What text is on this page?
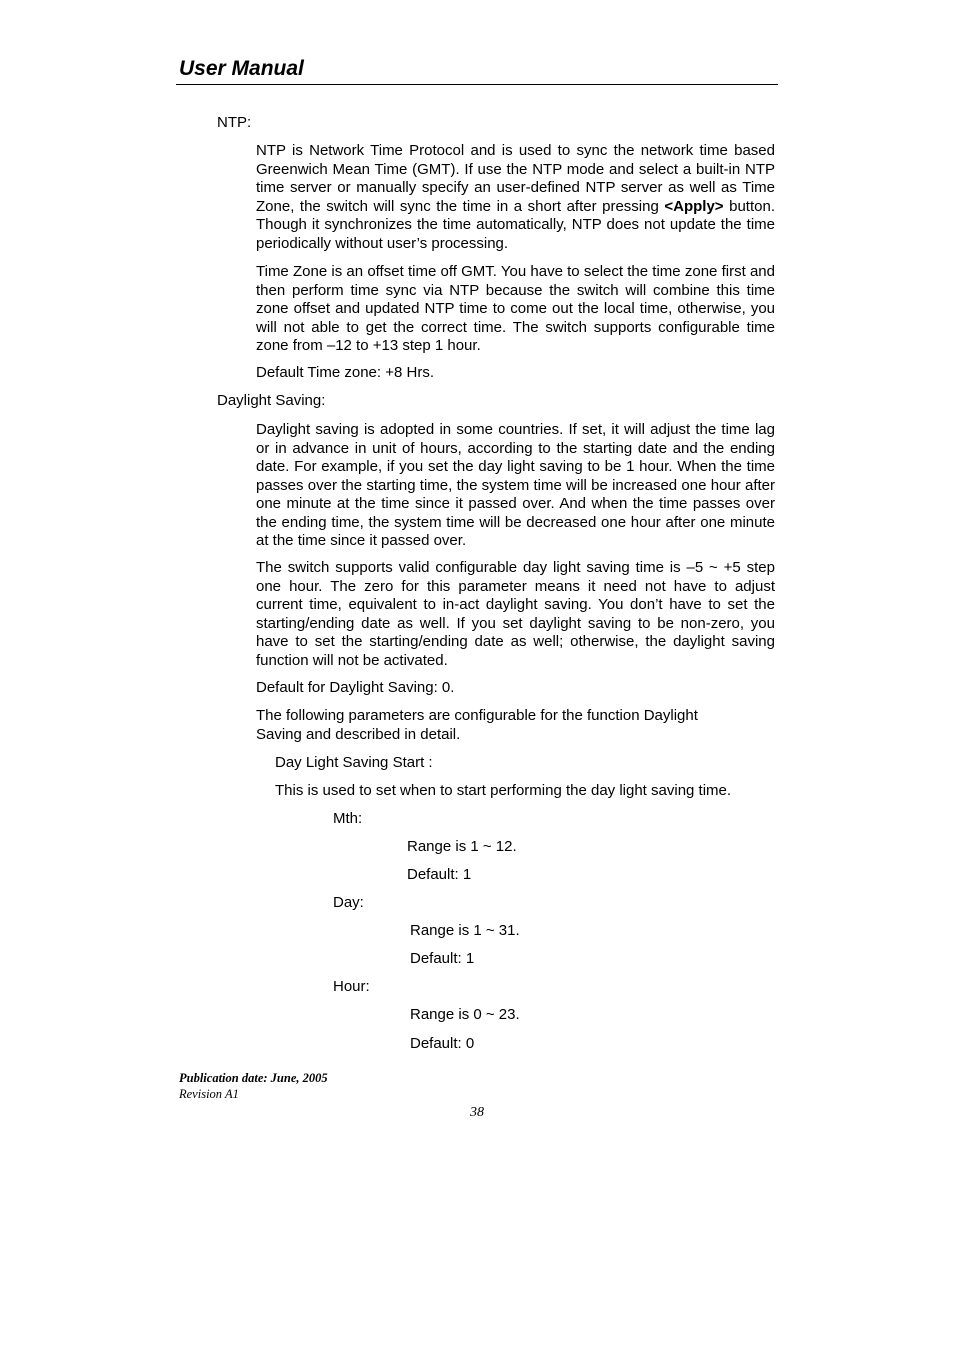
User Manual
NTP:
NTP is Network Time Protocol and is used to sync the network time based Greenwich Mean Time (GMT). If use the NTP mode and select a built-in NTP time server or manually specify an user-defined NTP server as well as Time Zone, the switch will sync the time in a short after pressing <Apply> button. Though it synchronizes the time automatically, NTP does not update the time periodically without user’s processing.
Time Zone is an offset time off GMT. You have to select the time zone first and then perform time sync via NTP because the switch will combine this time zone offset and updated NTP time to come out the local time, otherwise, you will not able to get the correct time. The switch supports configurable time zone from –12 to +13 step 1 hour.
Default Time zone: +8 Hrs.
Daylight Saving:
Daylight saving is adopted in some countries. If set, it will adjust the time lag or in advance in unit of hours, according to the starting date and the ending date. For example, if you set the day light saving to be 1 hour. When the time passes over the starting time, the system time will be increased one hour after one minute at the time since it passed over. And when the time passes over the ending time, the system time will be decreased one hour after one minute at the time since it passed over.
The switch supports valid configurable day light saving time is –5 ~ +5 step one hour. The zero for this parameter means it need not have to adjust current time, equivalent to in-act daylight saving. You don’t have to set the starting/ending date as well. If you set daylight saving to be non-zero, you have to set the starting/ending date as well; otherwise, the daylight saving function will not be activated.
Default for Daylight Saving: 0.
The following parameters are configurable for the function Daylight
Saving and described in detail.
Day Light Saving Start :
This is used to set when to start performing the day light saving time.
Mth:
Range is 1 ~ 12.
Default: 1
Day:
Range is 1 ~ 31.
Default: 1
Hour:
Range is 0 ~ 23.
Default: 0
Publication date: June, 2005
Revision A1
38
